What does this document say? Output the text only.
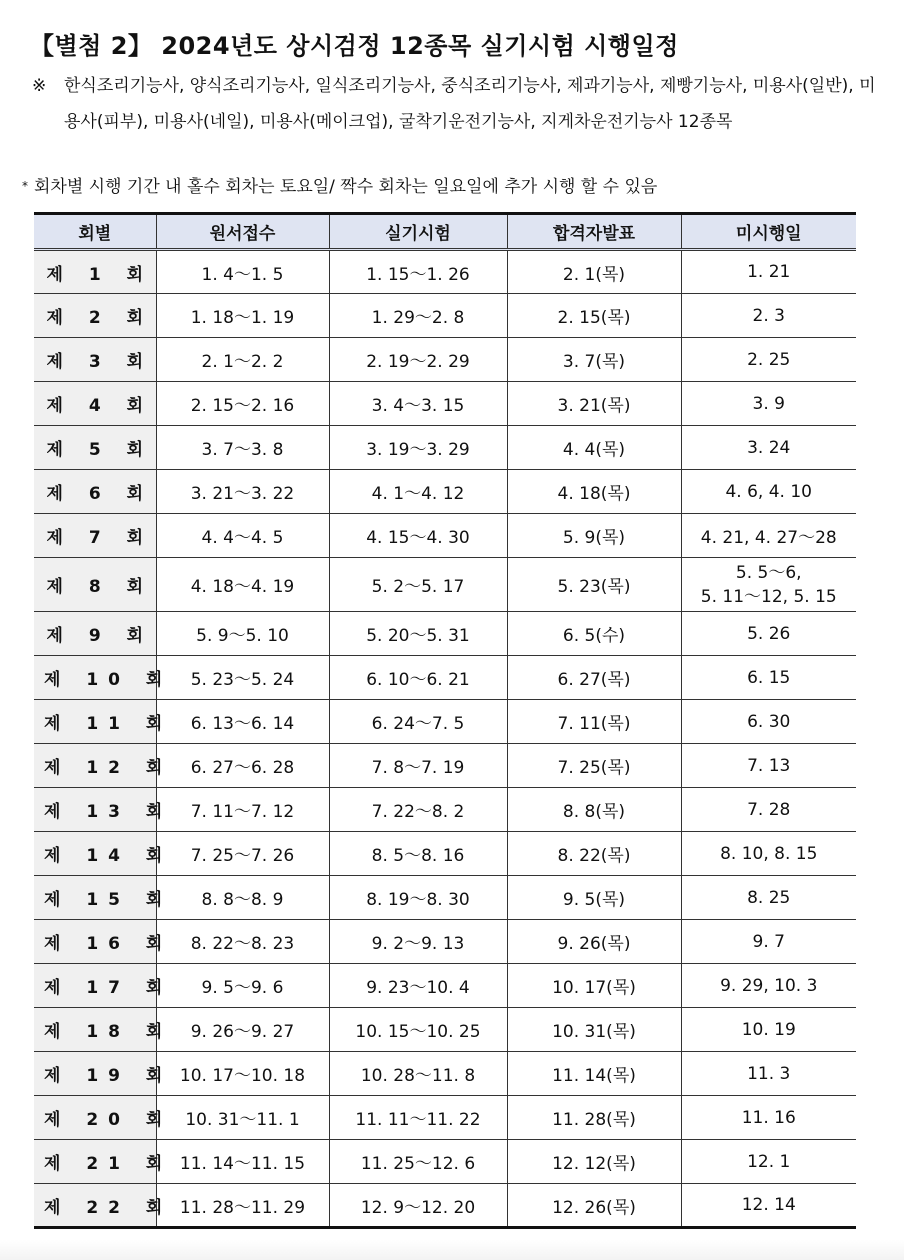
【별첨 2】 2024년도 상시검정 12종목 실기시험 시행일정
※ 한식조리기능사, 양식조리기능사, 일식조리기능사, 중식조리기능사, 제과기능사, 제빵기능사, 미용사(일반), 미용사(피부), 미용사(네일), 미용사(메이크업), 굴착기운전기능사, 지게차운전기능사 12종목
* 회차별 시행 기간 내 홀수 회차는 토요일/ 짝수 회차는 일요일에 추가 시행 할 수 있음
회별	원서접수	실기시험	합격자발표	미시행일
제 1 회	1. 4～1. 5	1. 15～1. 26	2. 1(목)	1. 21
제 2 회	1. 18～1. 19	1. 29～2. 8	2. 15(목)	2. 3
제 3 회	2. 1～2. 2	2. 19～2. 29	3. 7(목)	2. 25
제 4 회	2. 15～2. 16	3. 4～3. 15	3. 21(목)	3. 9
제 5 회	3. 7～3. 8	3. 19～3. 29	4. 4(목)	3. 24
제 6 회	3. 21～3. 22	4. 1～4. 12	4. 18(목)	4. 6, 4. 10
제 7 회	4. 4～4. 5	4. 15～4. 30	5. 9(목)	4. 21, 4. 27～28
제 8 회	4. 18～4. 19	5. 2～5. 17	5. 23(목)	5. 5～6,
5. 11～12, 5. 15

제 9 회	5. 9～5. 10	5. 20～5. 31	6. 5(수)	5. 26
제 10 회	5. 23～5. 24	6. 10～6. 21	6. 27(목)	6. 15
제 11 회	6. 13～6. 14	6. 24～7. 5	7. 11(목)	6. 30
제 12 회	6. 27～6. 28	7. 8～7. 19	7. 25(목)	7. 13
제 13 회	7. 11～7. 12	7. 22～8. 2	8. 8(목)	7. 28
제 14 회	7. 25～7. 26	8. 5～8. 16	8. 22(목)	8. 10, 8. 15
제 15 회	8. 8～8. 9	8. 19～8. 30	9. 5(목)	8. 25
제 16 회	8. 22～8. 23	9. 2～9. 13	9. 26(목)	9. 7
제 17 회	9. 5～9. 6	9. 23～10. 4	10. 17(목)	9. 29, 10. 3
제 18 회	9. 26～9. 27	10. 15～10. 25	10. 31(목)	10. 19
제 19 회	10. 17～10. 18	10. 28～11. 8	11. 14(목)	11. 3
제 20 회	10. 31～11. 1	11. 11～11. 22	11. 28(목)	11. 16
제 21 회	11. 14～11. 15	11. 25～12. 6	12. 12(목)	12. 1
제 22 회	11. 28～11. 29	12. 9～12. 20	12. 26(목)	12. 14
